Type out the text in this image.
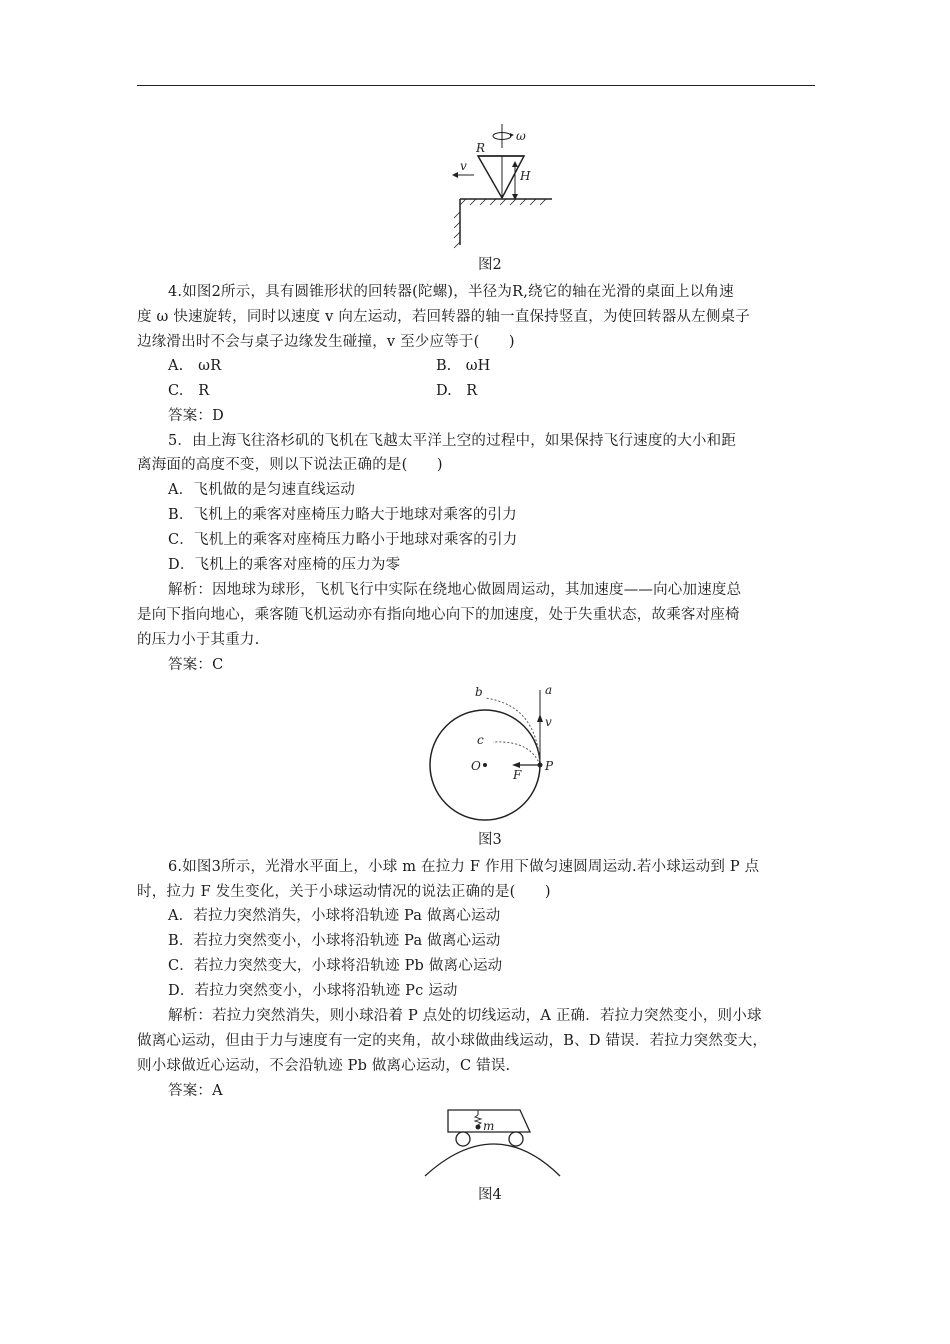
ω
R
v
H
图2
4.如图2所示，具有圆锥形状的回转器(陀螺)，半径为R,绕它的轴在光滑的桌面上以角速
度 ω 快速旋转，同时以速度 v 向左运动，若回转器的轴一直保持竖直，为使回转器从左侧桌子
边缘滑出时不会与桌子边缘发生碰撞，v 至少应等于(　　)
A.　ωR	B.　ωH
C.　R	D.　R
答案：D
5．由上海飞往洛杉矶的飞机在飞越太平洋上空的过程中，如果保持飞行速度的大小和距
离海面的高度不变，则以下说法正确的是(　　)
A．飞机做的是匀速直线运动
B．飞机上的乘客对座椅压力略大于地球对乘客的引力
C．飞机上的乘客对座椅压力略小于地球对乘客的引力
D．飞机上的乘客对座椅的压力为零
解析：因地球为球形，飞机飞行中实际在绕地心做圆周运动，其加速度——向心加速度总
是向下指向地心，乘客随飞机运动亦有指向地心向下的加速度，处于失重状态，故乘客对座椅
的压力小于其重力.
答案：C
a
v
b
c
F
P
O
图3
6.如图3所示，光滑水平面上，小球 m 在拉力 F 作用下做匀速圆周运动.若小球运动到 P 点
时，拉力 F 发生变化，关于小球运动情况的说法正确的是(　　)
A．若拉力突然消失，小球将沿轨迹 Pa 做离心运动
B．若拉力突然变小，小球将沿轨迹 Pa 做离心运动
C．若拉力突然变大，小球将沿轨迹 Pb 做离心运动
D．若拉力突然变小，小球将沿轨迹 Pc 运动
解析：若拉力突然消失，则小球沿着 P 点处的切线运动，A 正确．若拉力突然变小，则小球
做离心运动，但由于力与速度有一定的夹角，故小球做曲线运动，B、D 错误．若拉力突然变大，
则小球做近心运动，不会沿轨迹 Pb 做离心运动，C 错误.
答案：A
m
图4
